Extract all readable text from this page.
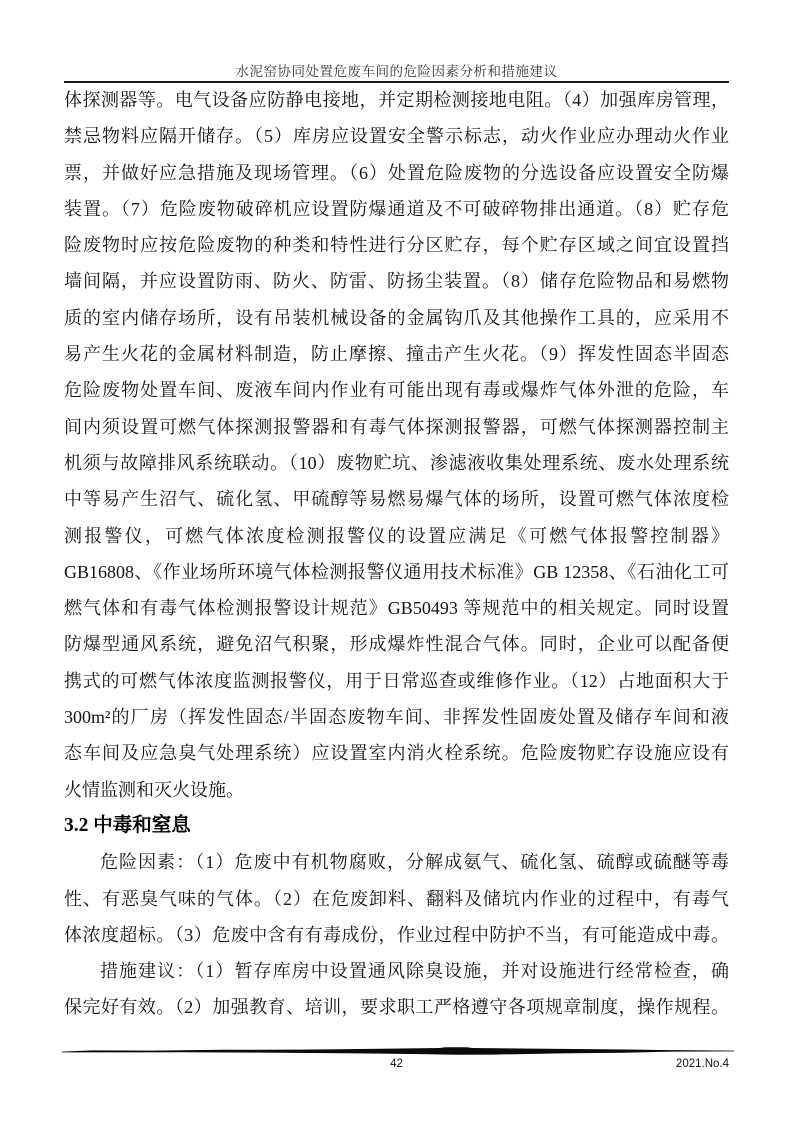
水泥窑协同处置危废车间的危险因素分析和措施建议
体探测器等。电气设备应防静电接地，并定期检测接地电阻。（4）加强库房管理，
禁忌物料应隔开储存。（5）库房应设置安全警示标志，动火作业应办理动火作业
票，并做好应急措施及现场管理。（6）处置危险废物的分选设备应设置安全防爆
装置。（7）危险废物破碎机应设置防爆通道及不可破碎物排出通道。（8）贮存危
险废物时应按危险废物的种类和特性进行分区贮存，每个贮存区域之间宜设置挡
墙间隔，并应设置防雨、防火、防雷、防扬尘装置。（8）储存危险物品和易燃物
质的室内储存场所，设有吊装机械设备的金属钩爪及其他操作工具的，应采用不
易产生火花的金属材料制造，防止摩擦、撞击产生火花。（9）挥发性固态半固态
危险废物处置车间、废液车间内作业有可能出现有毒或爆炸气体外泄的危险，车
间内须设置可燃气体探测报警器和有毒气体探测报警器，可燃气体探测器控制主
机须与故障排风系统联动。（10）废物贮坑、渗滤液收集处理系统、废水处理系统
中等易产生沼气、硫化氢、甲硫醇等易燃易爆气体的场所，设置可燃气体浓度检
测报警仪，可燃气体浓度检测报警仪的设置应满足《可燃气体报警控制器》
GB16808、《作业场所环境气体检测报警仪通用技术标准》GB 12358、《石油化工可
燃气体和有毒气体检测报警设计规范》GB50493 等规范中的相关规定。同时设置
防爆型通风系统，避免沼气积聚，形成爆炸性混合气体。同时，企业可以配备便
携式的可燃气体浓度监测报警仪，用于日常巡查或维修作业。（12）占地面积大于
300m²的厂房（挥发性固态/半固态废物车间、非挥发性固废处置及储存车间和液
态车间及应急臭气处理系统）应设置室内消火栓系统。危险废物贮存设施应设有
火情监测和灭火设施。
3.2 中毒和窒息
危险因素：（1）危废中有机物腐败，分解成氨气、硫化氢、硫醇或硫醚等毒
性、有恶臭气味的气体。（2）在危废卸料、翻料及储坑内作业的过程中，有毒气
体浓度超标。（3）危废中含有有毒成份，作业过程中防护不当，有可能造成中毒。
措施建议：（1）暂存库房中设置通风除臭设施，并对设施进行经常检查，确
保完好有效。（2）加强教育、培训，要求职工严格遵守各项规章制度，操作规程。
42	2021.No.4
